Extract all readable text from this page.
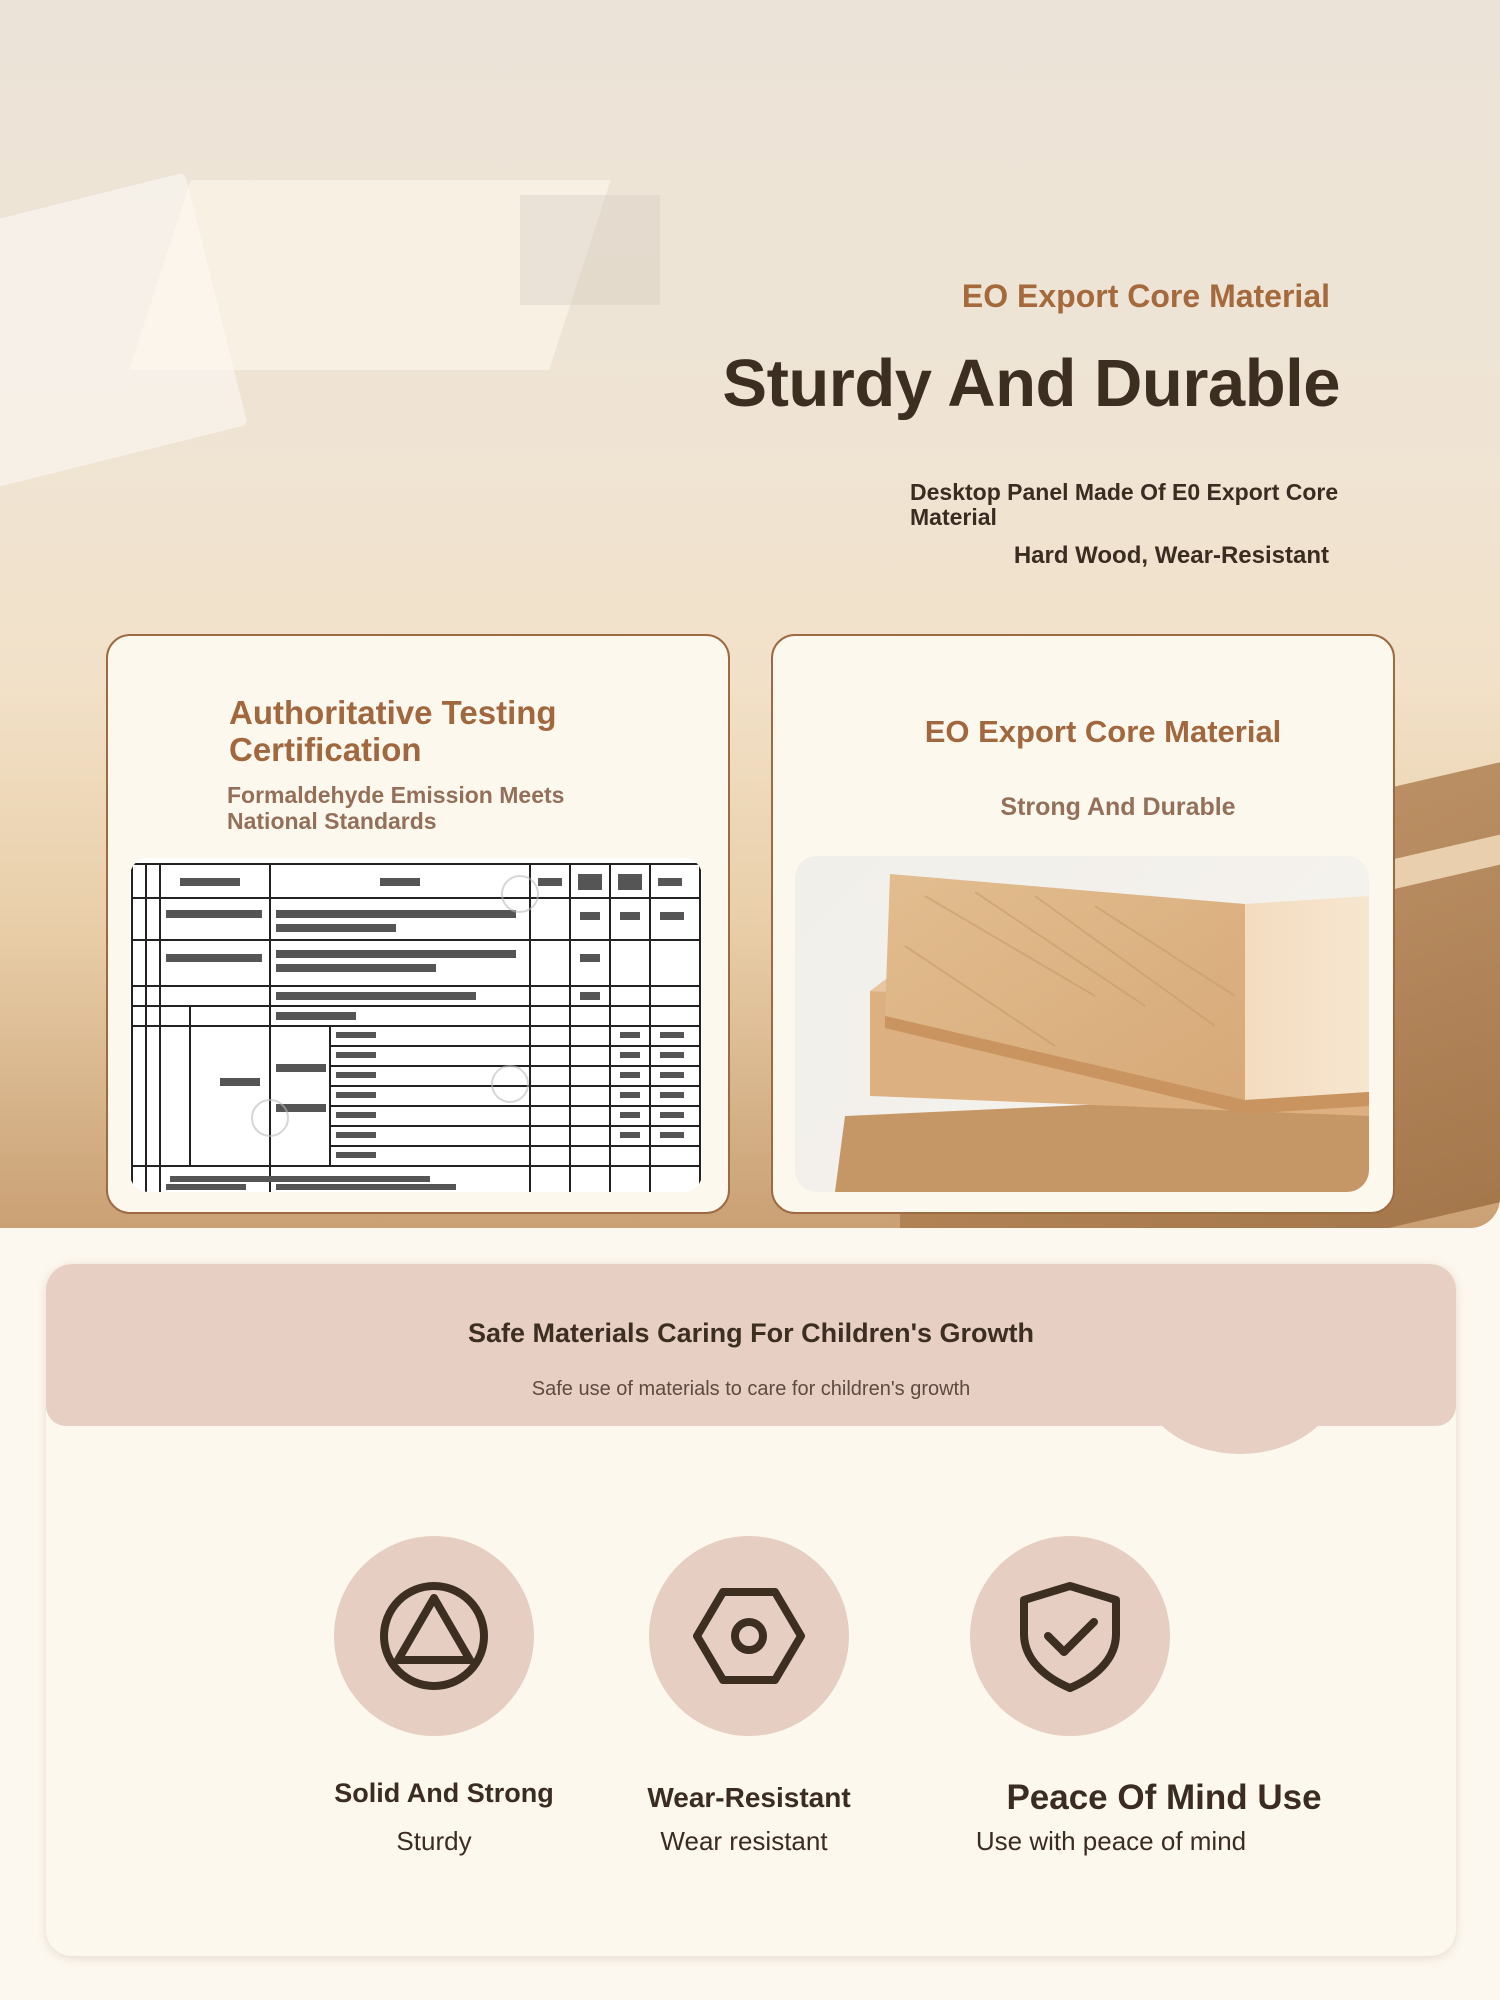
EO Export Core Material
Sturdy And Durable

Desktop Panel Made Of E0 Export Core Material

Hard Wood, Wear-Resistant

Authoritative Testing Certification

Formaldehyde Emission Meets National Standards

EO Export Core Material

Strong And Durable

Safe Materials Caring For Children's Growth

Safe use of materials to care for children's growth

Solid And Strong

Sturdy

Wear-Resistant

Wear resistant

Peace Of Mind Use

Use with peace of mind
